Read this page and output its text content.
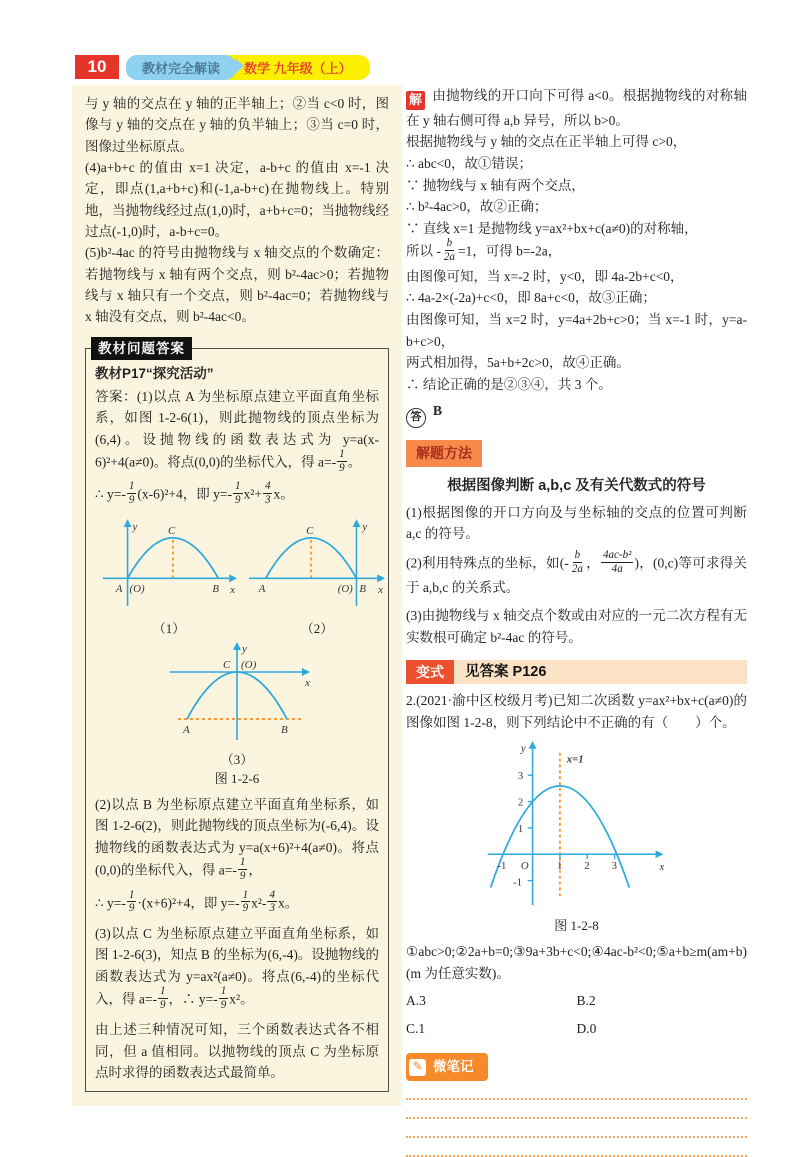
10	教材完全解读	数学 九年级（上）

与 y 轴的交点在 y 轴的正半轴上；②当 c<0 时，图像与 y 轴的交点在 y 轴的负半轴上；③当 c=0 时，图像过坐标原点。

(4)a+b+c 的值由 x=1 决定，a-b+c 的值由 x=-1 决定，即点(1,a+b+c)和(-1,a-b+c)在抛物线上。特别地，当抛物线经过点(1,0)时，a+b+c=0；当抛物线经过点(-1,0)时，a-b+c=0。

(5)b²-4ac 的符号由抛物线与 x 轴交点的个数确定：若抛物线与 x 轴有两个交点，则 b²-4ac>0；若抛物线与 x 轴只有一个交点，则 b²-4ac=0；若抛物线与 x 轴没有交点，则 b²-4ac<0。

教材问题答案

教材P17“探究活动”

答案：(1)以点 A 为坐标原点建立平面直角坐标系，如图 1-2-6(1)，则此抛物线的顶点坐标为(6,4)。设抛物线的函数表达式为 y=a(x-6)²+4(a≠0)。将点(0,0)的坐标代入，得 $a=- \frac{1}{9}$ 。

∴ $y=- \frac{1}{9} (x-6)^2+4$，即 $y=- \frac{1}{9} x^2+ \frac{4}{3}$ x。

y	C
A (O)	B x

（1）

C	y
A	(O) B x

（2）

C (O)
y
x
A	B

（3）

图 1-2-6

(2)以点 B 为坐标原点建立平面直角坐标系，如图 1-2-6(2)，则此抛物线的顶点坐标为(-6,4)。设抛物线的函数表达式为 y=a(x+6)²+4(a≠0)。将点(0,0)的坐标代入，得 $a=- \frac{1}{9}$ ，

∴ $y=- \frac{1}{9} \cdot(x+6)^2+4$，即 $y=- \frac{1}{9} x^2- \frac{4}{3}$ x。

(3)以点 C 为坐标原点建立平面直角坐标系，如图 1-2-6(3)，知点 B 的坐标为(6,-4)。设抛物线的函数表达式为 y=ax²(a≠0)。将点(6,-4)的坐标代入，得 $a=- \frac{1}{9}$ ，∴ $y=- \frac{1}{9} x^2$。

由上述三种情况可知，三个函数表达式各不相同，但 a 值相同。以抛物线的顶点 C 为坐标原点时求得的函数表达式最简单。

解 由抛物线的开口向下可得 a<0。根据抛物线的对称轴在 y 轴右侧可得 a,b 异号，所以 b>0。

根据抛物线与 y 轴的交点在正半轴上可得 c>0，

∴ abc<0，故①错误；

∵ 抛物线与 x 轴有两个交点，

∴ b²-4ac>0，故②正确；

∵ 直线 x=1 是抛物线 y=ax²+bx+c(a≠0)的对称轴，

所以 - $\frac{b}{2a} =1$，可得 b=-2a，

由图像可知，当 x=-2 时，y<0，即 4a-2b+c<0，

∴ 4a-2×(-2a)+c<0，即 8a+c<0，故③正确；

由图像可知，当 x=2 时，y=4a+2b+c>0；当 x=-1 时，y=a-b+c>0，

两式相加得，5a+b+2c>0，故④正确。

∴ 结论正确的是②③④，共 3 个。

答 B

解题方法

根据图像判断 a,b,c 及有关代数式的符号

(1)根据图像的开口方向及与坐标轴的交点的位置可判断 a,c 的符号。

(2)利用特殊点的坐标，如(- $\frac{b}{2a}$ ， $\frac{\text{4ac-b²}}{4a}$ )，(0,c)等可求得关于 a,b,c 的关系式。

(3)由抛物线与 x 轴交点个数或由对应的一元二次方程有无实数根可确定 b²-4ac 的符号。

变式	见答案 P126

2.(2021·渝中区校级月考)已知二次函数 y=ax²+bx+c(a≠0)的图像如图 1-2-8，则下列结论中不正确的有（　　）个。

3
2
1
-1
-1	1 2 3
O
y
x
x=1

图 1-2-8

①abc>0;②2a+b=0;③9a+3b+c<0;④4ac-b²<0;⑤a+b≥m(am+b)(m 为任意实数)。

A.3	B.2
C.1	D.0
✎ 微笔记
